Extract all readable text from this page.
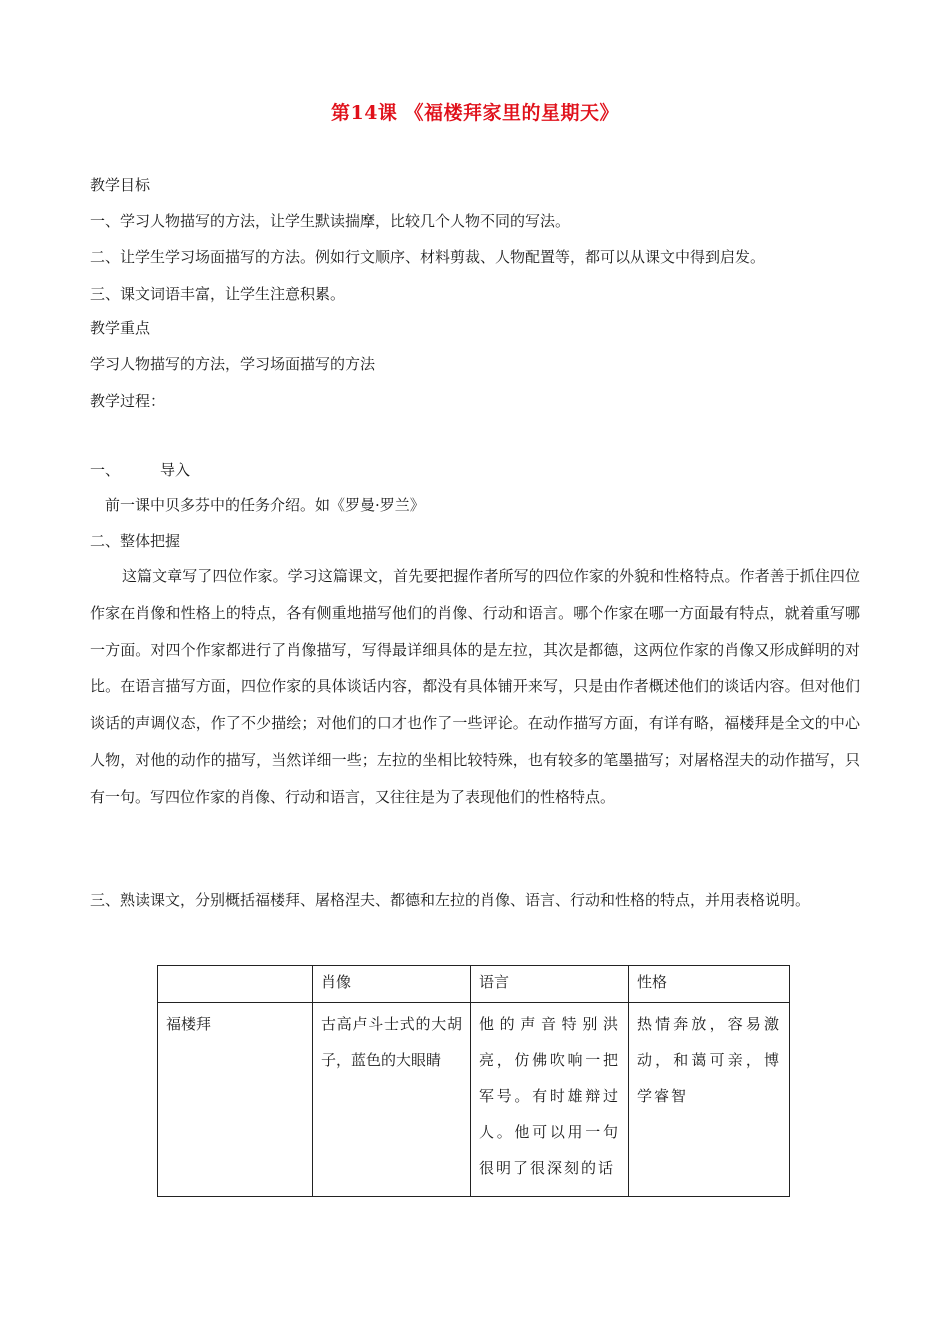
第14课 《福楼拜家里的星期天》
教学目标
一、学习人物描写的方法，让学生默读揣摩，比较几个人物不同的写法。
二、让学生学习场面描写的方法。例如行文顺序、材料剪裁、人物配置等，都可以从课文中得到启发。
三、课文词语丰富，让学生注意积累。
教学重点
学习人物描写的方法，学习场面描写的方法
教学过程：
一、	导入
前一课中贝多芬中的任务介绍。如《罗曼·罗兰》
二、整体把握
这篇文章写了四位作家。学习这篇课文，首先要把握作者所写的四位作家的外貌和性格特点。作者善于抓住四位作家在肖像和性格上的特点，各有侧重地描写他们的肖像、行动和语言。哪个作家在哪一方面最有特点，就着重写哪一方面。对四个作家都进行了肖像描写，写得最详细具体的是左拉，其次是都德，这两位作家的肖像又形成鲜明的对比。在语言描写方面，四位作家的具体谈话内容，都没有具体铺开来写，只是由作者概述他们的谈话内容。但对他们谈话的声调仪态，作了不少描绘；对他们的口才也作了一些评论。在动作描写方面，有详有略，福楼拜是全文的中心人物，对他的动作的描写，当然详细一些；左拉的坐相比较特殊，也有较多的笔墨描写；对屠格涅夫的动作描写，只有一句。写四位作家的肖像、行动和语言，又往往是为了表现他们的性格特点。
三、熟读课文，分别概括福楼拜、屠格涅夫、都德和左拉的肖像、语言、行动和性格的特点，并用表格说明。
	肖像	语言	性格
福楼拜	古高卢斗士式的大胡子，蓝色的大眼睛	他的声音特别洪亮，仿佛吹响一把军号。有时雄辩过人。他可以用一句很明了很深刻的话	热情奔放，容易激动，和蔼可亲，博学睿智
